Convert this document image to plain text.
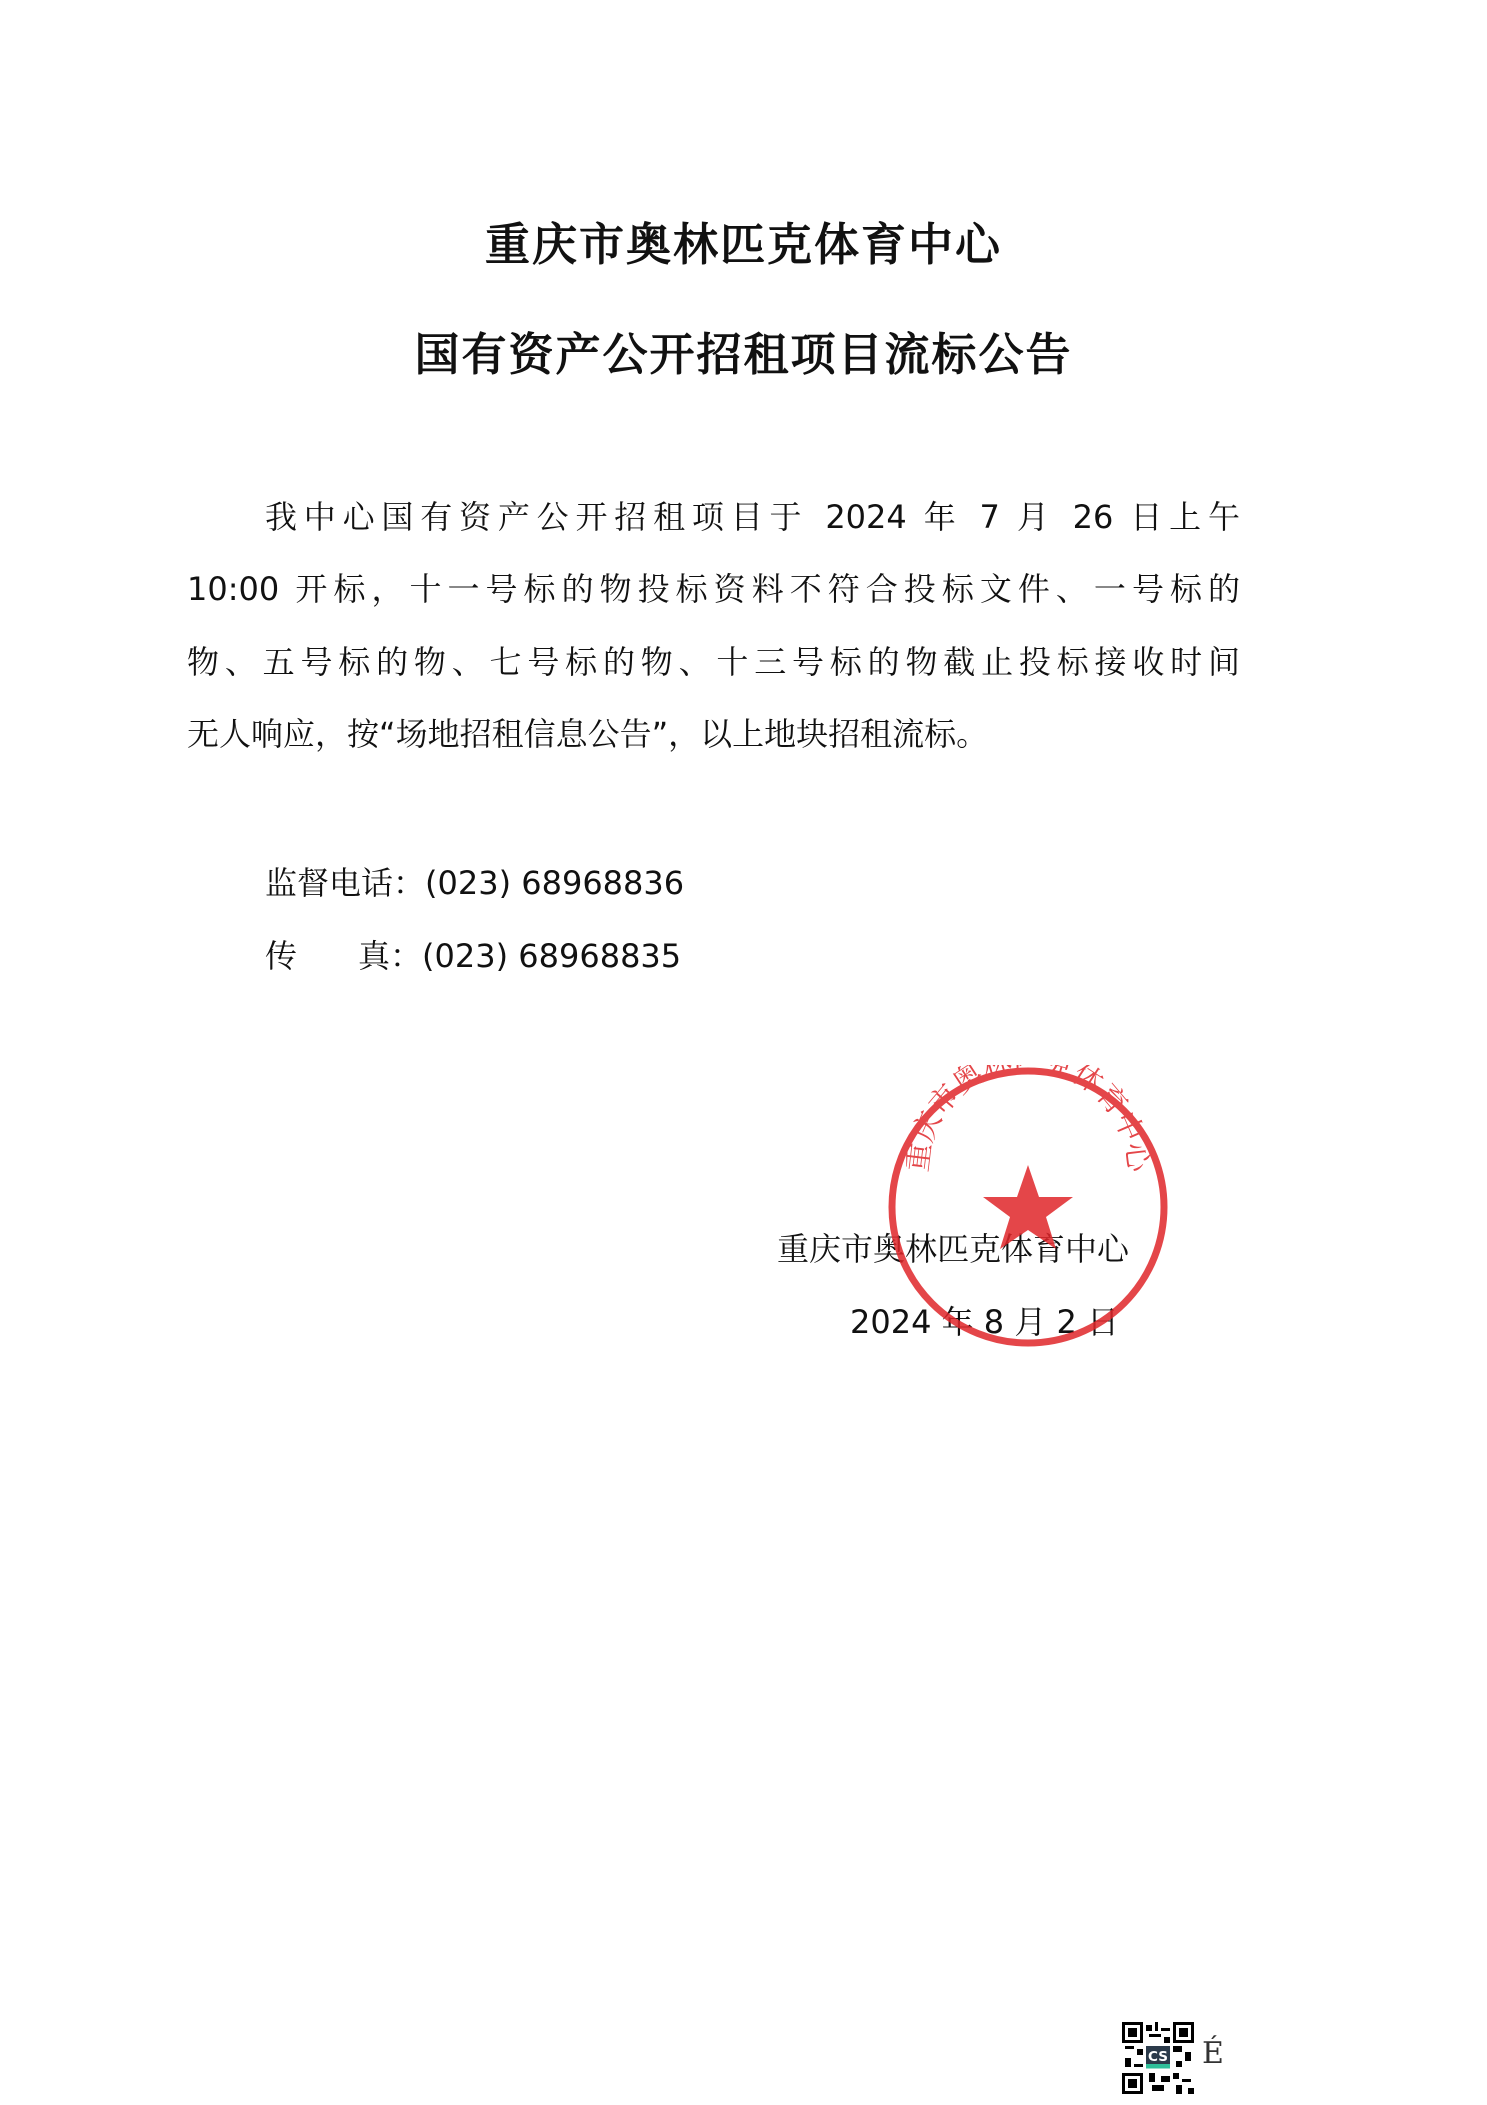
重庆市奥林匹克体育中心
国有资产公开招租项目流标公告
我中心国有资产公开招租项目于 2024 年 7 月 26 日上午
10:00 开标，十一号标的物投标资料不符合投标文件、一号标的
物、五号标的物、七号标的物、十三号标的物截止投标接收时间
无人响应，按“场地招租信息公告”，以上地块招租流标。
监督电话：(023) 68968836
传      真：(023) 68968835
重庆市奥林匹克体育中心
2024 年 8 月 2 日
重庆市奥 体育中心
CS É
